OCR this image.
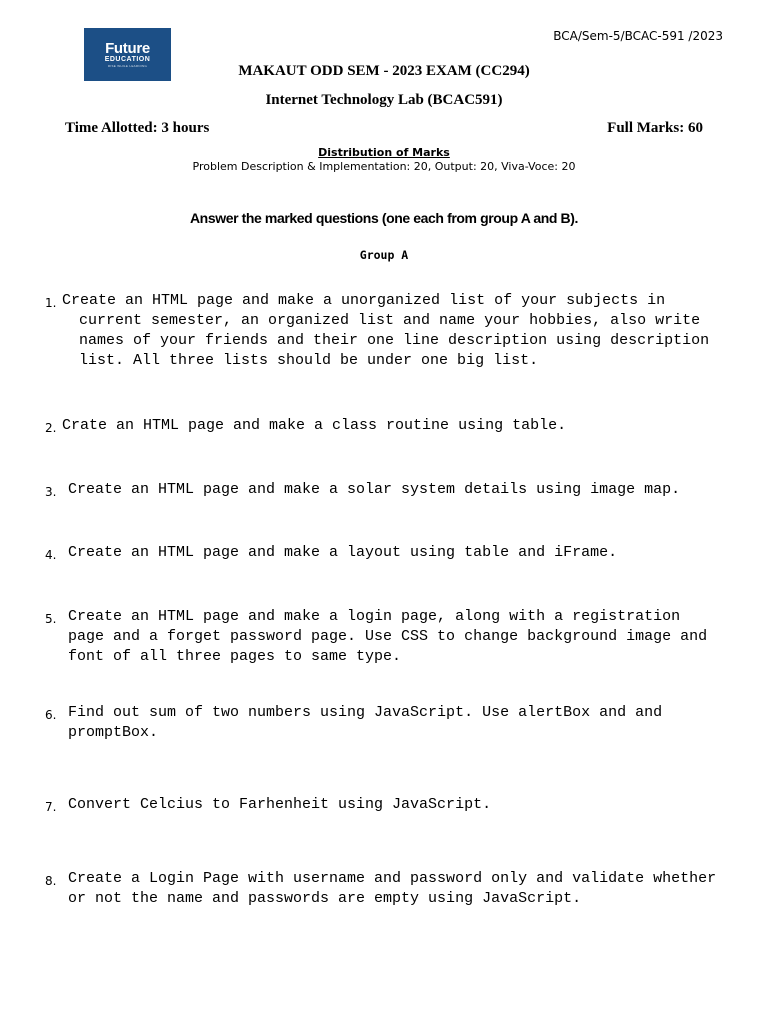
Future
EDUCATION
RISE WHILE LEARNING
BCA/Sem-5/BCAC-591 /2023
MAKAUT ODD SEM - 2023 EXAM (CC294)
Internet Technology Lab (BCAC591)
Time Allotted: 3 hours	Full Marks: 60
Distribution of Marks
Problem Description & Implementation: 20, Output: 20, Viva-Voce: 20
Answer the marked questions (one each from group A and B).
Group A
1. Create an HTML page and make a unorganized list of your subjects in current semester, an organized list and name your hobbies, also write names of your friends and their one line description using description list. All three lists should be under one big list.
2. Crate an HTML page and make a class routine using table.
3. Create an HTML page and make a solar system details using image map.
4. Create an HTML page and make a layout using table and iFrame.
5. Create an HTML page and make a login page, along with a registration page and a forget password page. Use CSS to change background image and font of all three pages to same type.
6. Find out sum of two numbers using JavaScript. Use alertBox and and promptBox.
7. Convert Celcius to Farhenheit using JavaScript.
8. Create a Login Page with username and password only and validate whether or not the name and passwords are empty using JavaScript.
